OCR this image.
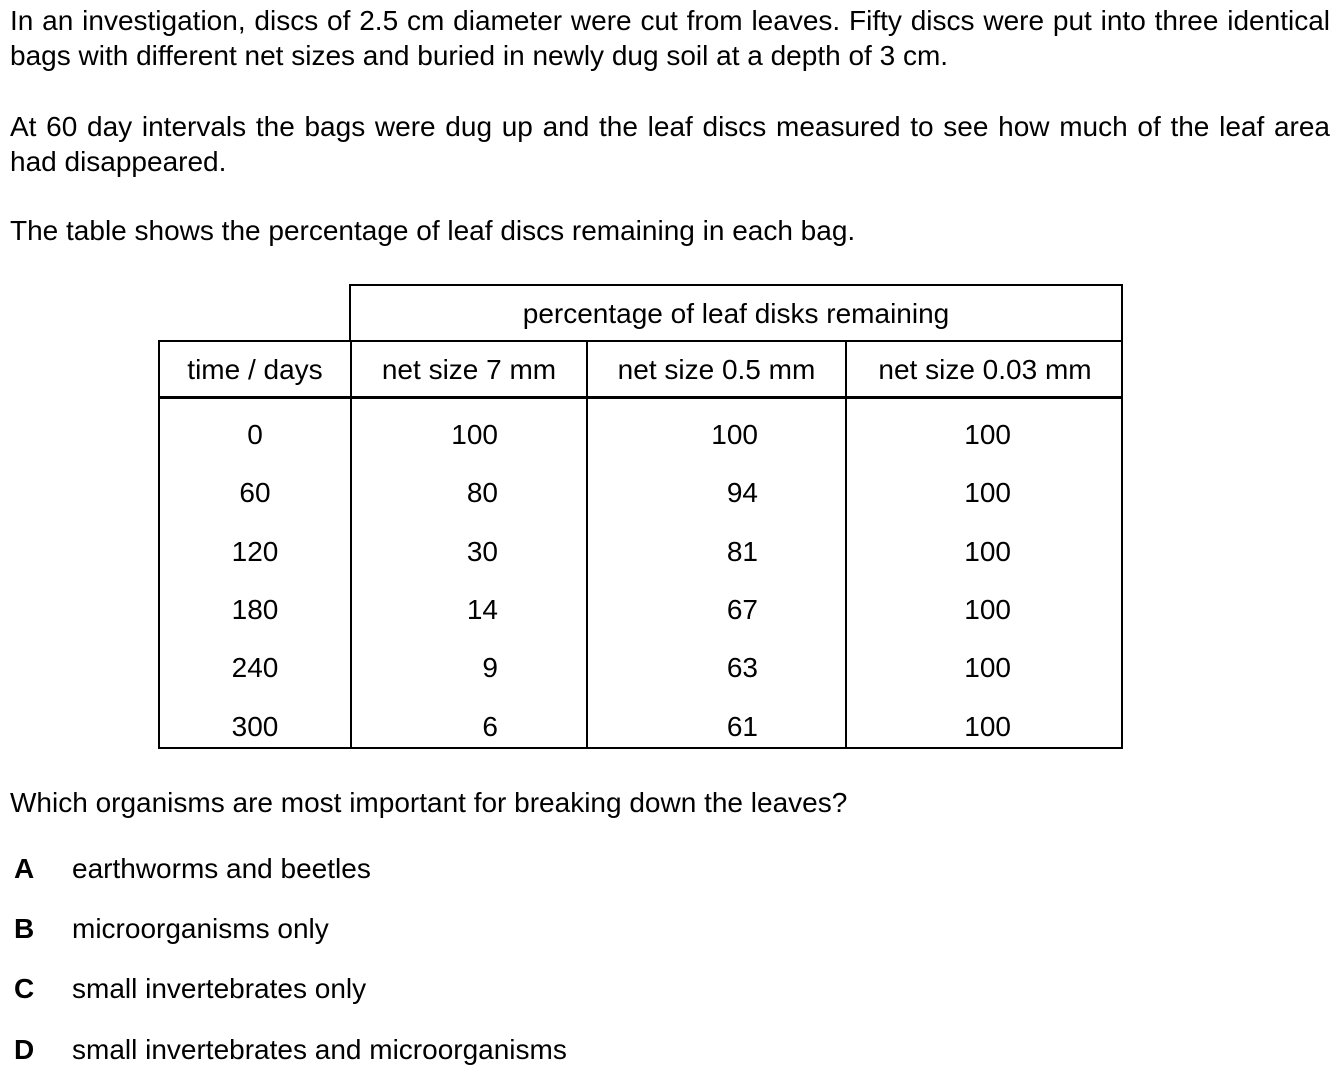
In an investigation, discs of 2.5 cm diameter were cut from leaves. Fifty discs were put into three identical bags with different net sizes and buried in newly dug soil at a depth of 3 cm.

At 60 day intervals the bags were dug up and the leaf discs measured to see how much of the leaf area had disappeared.

The table shows the percentage of leaf discs remaining in each bag.

percentage of leaf disks remaining
time / days	net size 7 mm	net size 0.5 mm	net size 0.03 mm
0	100	100	100
60	80	94	100
120	30	81	100
180	14	67	100
240	9	63	100
300	6	61	100
Which organisms are most important for breaking down the leaves?
A earthworms and beetles
B microorganisms only
C small invertebrates only
D small invertebrates and microorganisms
